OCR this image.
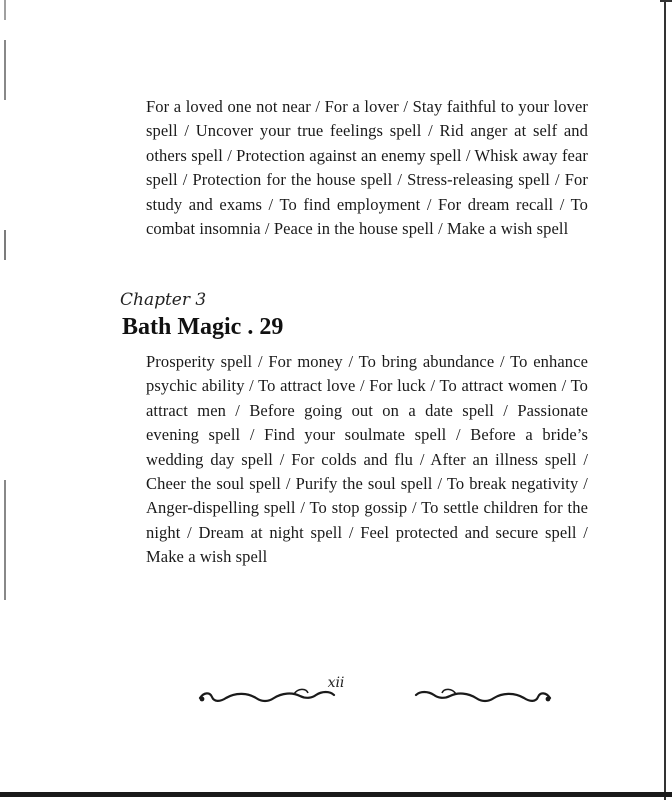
For a loved one not near / For a lover / Stay faithful to your lover spell / Uncover your true feelings spell / Rid anger at self and others spell / Protection against an enemy spell / Whisk away fear spell / Protection for the house spell / Stress-releasing spell / For study and exams / To find employment / For dream recall / To combat insomnia / Peace in the house spell / Make a wish spell

Chapter 3
Bath Magic . 29

Prosperity spell / For money / To bring abundance / To enhance psychic ability / To attract love / For luck / To attract women / To attract men / Before going out on a date spell / Passionate evening spell / Find your soulmate spell / Before a bride’s wedding day spell / For colds and flu / After an illness spell / Cheer the soul spell / Purify the soul spell / To break negativity / Anger-dispelling spell / To stop gossip / To settle children for the night / Dream at night spell / Feel protected and secure spell / Make a wish spell

xii
